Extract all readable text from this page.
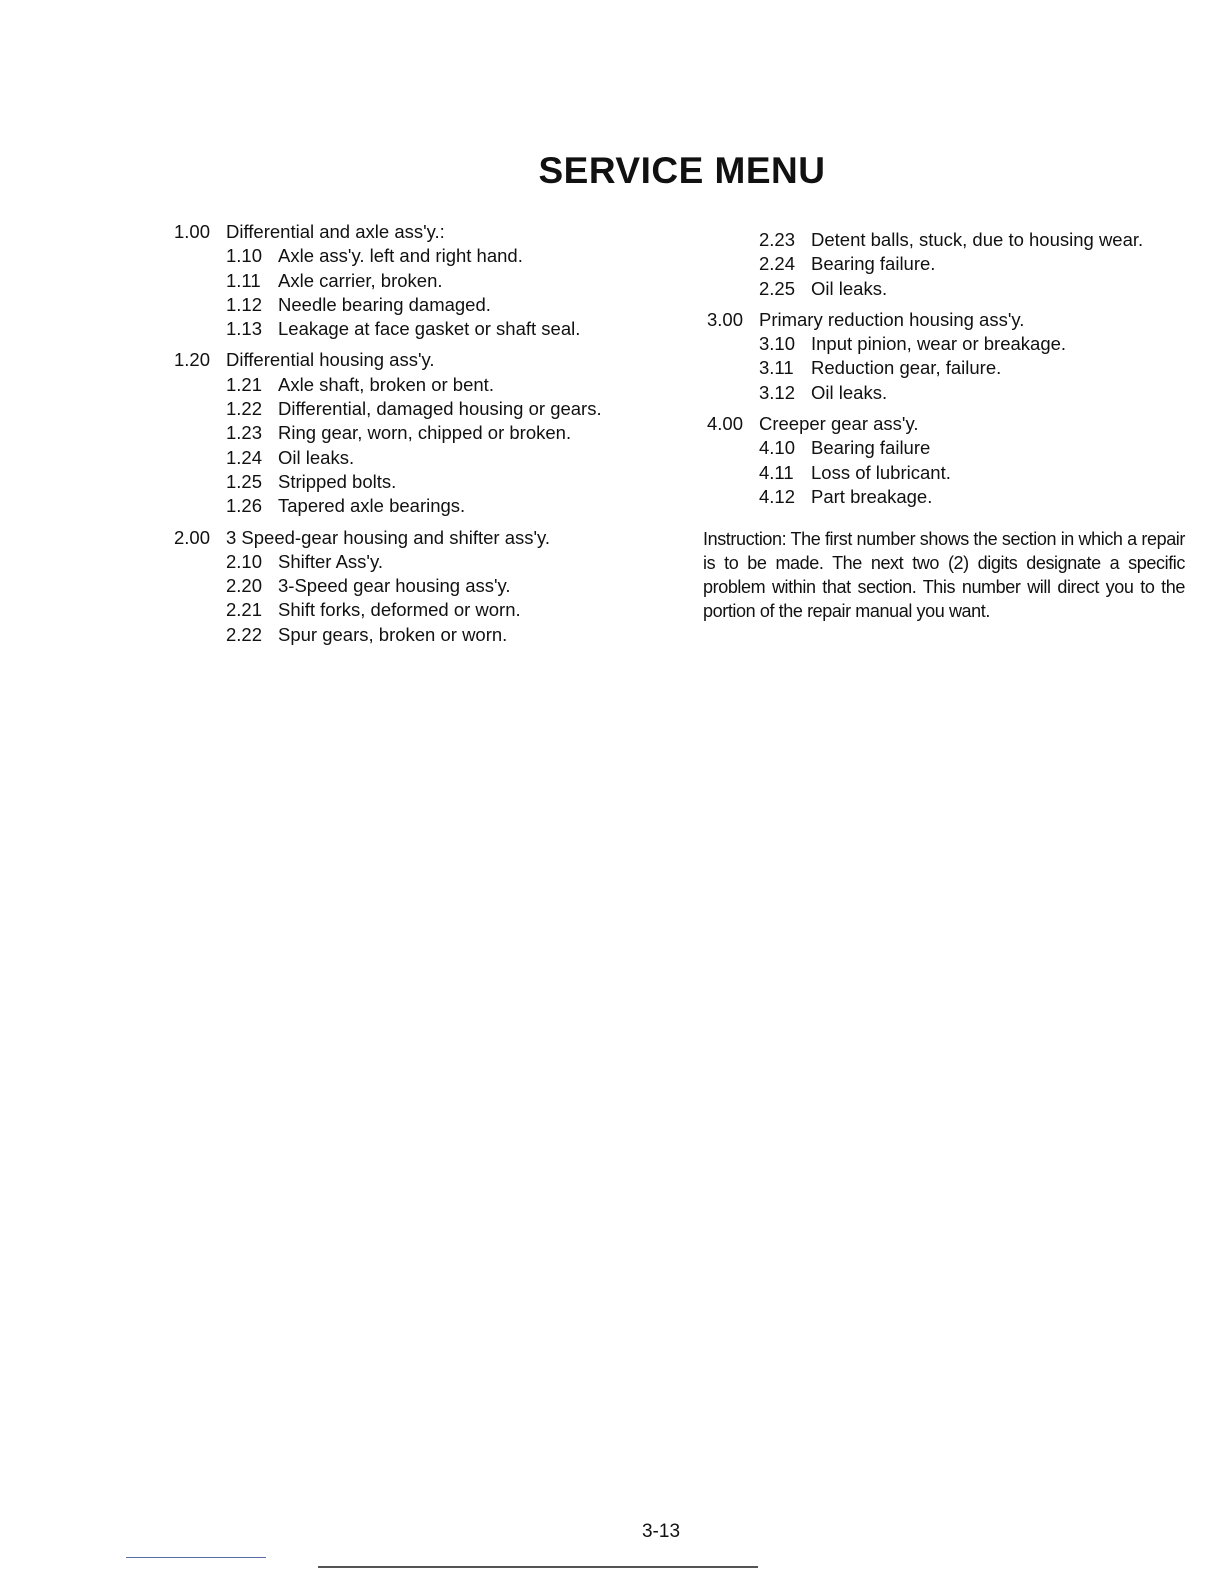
SERVICE MENU
1.00 Differential and axle ass'y.:
1.10 Axle ass'y. left and right hand.
1.11 Axle carrier, broken.
1.12 Needle bearing damaged.
1.13 Leakage at face gasket or shaft seal.
1.20 Differential housing ass'y.
1.21 Axle shaft, broken or bent.
1.22 Differential, damaged housing or gears.
1.23 Ring gear, worn, chipped or broken.
1.24 Oil leaks.
1.25 Stripped bolts.
1.26 Tapered axle bearings.
2.00 3 Speed-gear housing and shifter ass'y.
2.10 Shifter Ass'y.
2.20 3-Speed gear housing ass'y.
2.21 Shift forks, deformed or worn.
2.22 Spur gears, broken or worn.
2.23 Detent balls, stuck, due to housing wear.
2.24 Bearing failure.
2.25 Oil leaks.
3.00 Primary reduction housing ass'y.
3.10 Input pinion, wear or breakage.
3.11 Reduction gear, failure.
3.12 Oil leaks.
4.00 Creeper gear ass'y.
4.10 Bearing failure
4.11 Loss of lubricant.
4.12 Part breakage.
Instruction: The first number shows the section in which a repair is to be made. The next two (2) digits designate a specific problem within that section. This number will direct you to the portion of the repair manual you want.
3-13
